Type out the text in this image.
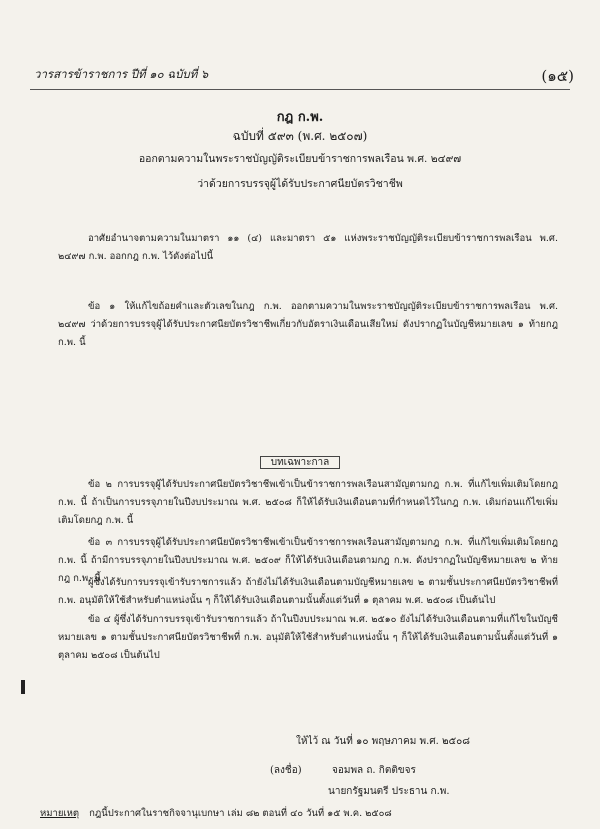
วารสารข้าราชการ ปีที่ ๑๐ ฉบับที่ ๖	(๑๕)
กฎ ก.พ.
ฉบับที่ ๕๙๓ (พ.ศ. ๒๕๐๗)
ออกตามความในพระราชบัญญัติระเบียบข้าราชการพลเรือน พ.ศ. ๒๔๙๗
ว่าด้วยการบรรจุผู้ได้รับประกาศนียบัตรวิชาชีพ
อาศัยอำนาจตามความในมาตรา ๑๑ (๔) และมาตรา ๕๑ แห่งพระราชบัญญัติระเบียบข้าราชการพลเรือน พ.ศ. ๒๔๙๗ ก.พ. ออกกฎ ก.พ. ไว้ดังต่อไปนี้
ข้อ ๑ ให้แก้ไขถ้อยคำและตัวเลขในกฎ ก.พ. ออกตามความในพระราชบัญญัติระเบียบข้าราชการพลเรือน พ.ศ. ๒๔๙๗ ว่าด้วยการบรรจุผู้ได้รับประกาศนียบัตรวิชาชีพเกี่ยวกับอัตราเงินเดือนเสียใหม่ ดังปรากฏในบัญชีหมายเลข ๑ ท้ายกฎ ก.พ. นี้
บทเฉพาะกาล
ข้อ ๒ การบรรจุผู้ได้รับประกาศนียบัตรวิชาชีพเข้าเป็นข้าราชการพลเรือนสามัญตามกฎ ก.พ. ที่แก้ไขเพิ่มเติมโดยกฎ ก.พ. นี้ ถ้าเป็นการบรรจุภายในปีงบประมาณ พ.ศ. ๒๕๐๘ ก็ให้ได้รับเงินเดือนตามที่กำหนดไว้ในกฎ ก.พ. เดิมก่อนแก้ไขเพิ่มเติมโดยกฎ ก.พ. นี้
ข้อ ๓ การบรรจุผู้ได้รับประกาศนียบัตรวิชาชีพเข้าเป็นข้าราชการพลเรือนสามัญตามกฎ ก.พ. ที่แก้ไขเพิ่มเติมโดยกฎ ก.พ. นี้ ถ้ามีการบรรจุภายในปีงบประมาณ พ.ศ. ๒๕๐๙ ก็ให้ได้รับเงินเดือนตามกฎ ก.พ. ดังปรากฏในบัญชีหมายเลข ๒ ท้ายกฎ ก.พ. นี้
ผู้ซึ่งได้รับการบรรจุเข้ารับราชการแล้ว ถ้ายังไม่ได้รับเงินเดือนตามบัญชีหมายเลข ๒ ตามชั้นประกาศนียบัตรวิชาชีพที่ ก.พ. อนุมัติให้ใช้สำหรับตำแหน่งนั้น ๆ ก็ให้ได้รับเงินเดือนตามนั้นตั้งแต่วันที่ ๑ ตุลาคม พ.ศ. ๒๕๐๘ เป็นต้นไป
ข้อ ๔ ผู้ซึ่งได้รับการบรรจุเข้ารับราชการแล้ว ถ้าในปีงบประมาณ พ.ศ. ๒๕๑๐ ยังไม่ได้รับเงินเดือนตามที่แก้ไขในบัญชีหมายเลข ๑ ตามชั้นประกาศนียบัตรวิชาชีพที่ ก.พ. อนุมัติให้ใช้สำหรับตำแหน่งนั้น ๆ ก็ให้ได้รับเงินเดือนตามนั้นตั้งแต่วันที่ ๑ ตุลาคม ๒๕๐๘ เป็นต้นไป
ให้ไว้ ณ วันที่ ๑๐ พฤษภาคม พ.ศ. ๒๕๐๘
(ลงชื่อ)	จอมพล ถ. กิตติขจร
นายกรัฐมนตรี ประธาน ก.พ.
หมายเหตุ กฎนี้ประกาศในราชกิจจานุเบกษา เล่ม ๘๒ ตอนที่ ๔๐ วันที่ ๑๕ พ.ค. ๒๕๐๘
